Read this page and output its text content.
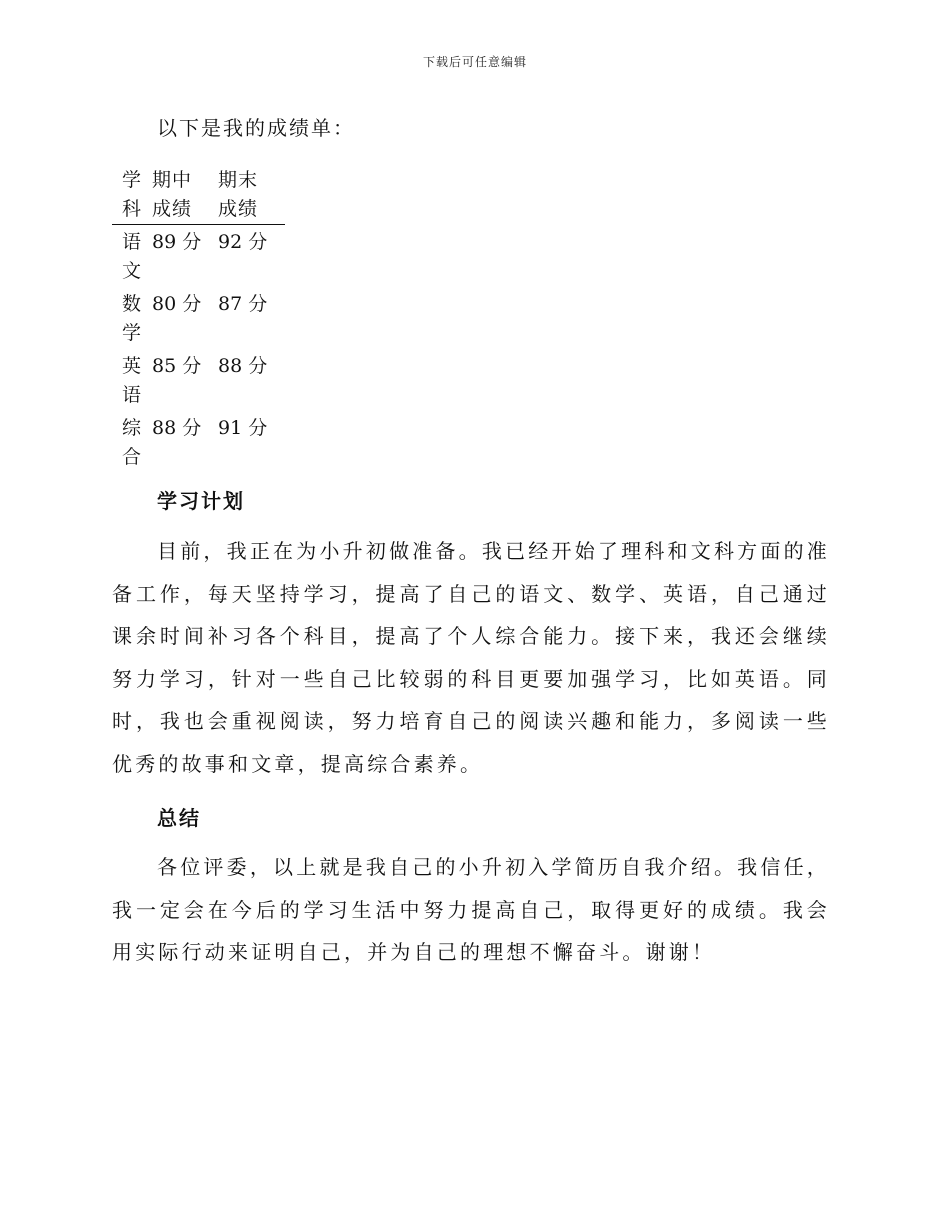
下载后可任意编辑
以下是我的成绩单：
学
科
期中
成绩
期末
成绩
语
文
89 分 92 分
数
学
80 分 87 分
英
语
85 分 88 分
综
合
88 分 91 分
学习计划
目前，我正在为小升初做准备。我已经开始了理科和文科方面的准备工作，每天坚持学习，提高了自己的语文、数学、英语，自己通过课余时间补习各个科目，提高了个人综合能力。接下来，我还会继续努力学习，针对一些自己比较弱的科目更要加强学习，比如英语。同时，我也会重视阅读，努力培育自己的阅读兴趣和能力，多阅读一些优秀的故事和文章，提高综合素养。
总结
各位评委，以上就是我自己的小升初入学简历自我介绍。我信任，我一定会在今后的学习生活中努力提高自己，取得更好的成绩。我会用实际行动来证明自己，并为自己的理想不懈奋斗。谢谢！
